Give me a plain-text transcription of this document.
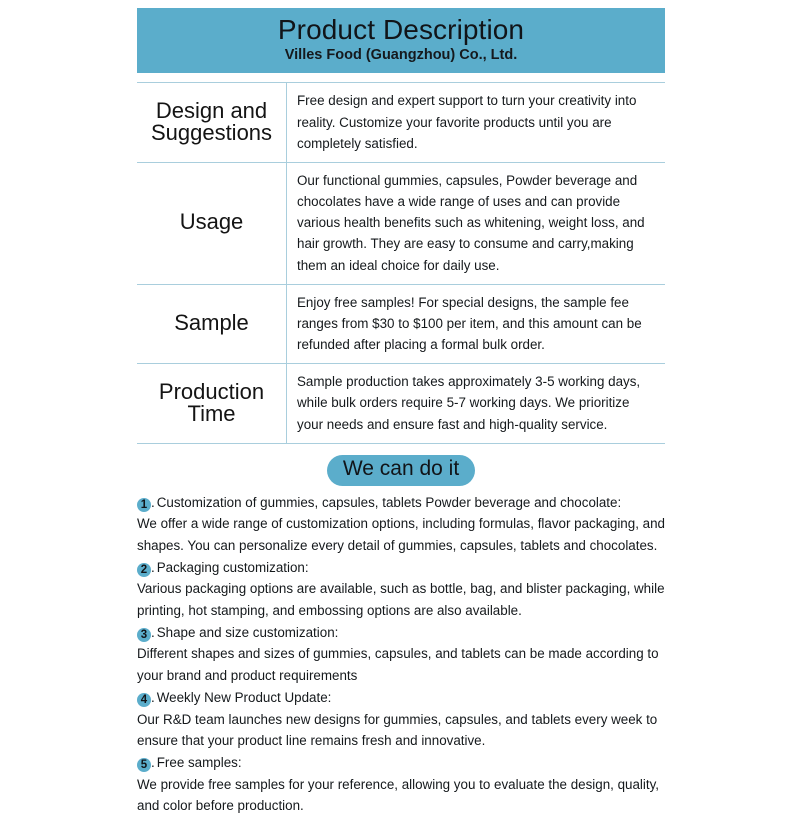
Product Description
Villes Food (Guangzhou) Co., Ltd.
Design and Suggestions	Free design and expert support to turn your creativity into reality. Customize your favorite products until you are completely satisfied.
Usage	Our functional gummies, capsules, Powder beverage and chocolates have a wide range of uses and can provide various health benefits such as whitening, weight loss, and hair growth. They are easy to consume and carry,making them an ideal choice for daily use.
Sample	Enjoy free samples! For special designs, the sample fee ranges from $30 to $100 per item, and this amount can be refunded after placing a formal bulk order.
Production Time	Sample production takes approximately 3-5 working days, while bulk orders require 5-7 working days. We prioritize your needs and ensure fast and high-quality service.
We can do it
1 . Customization of gummies, capsules, tablets Powder beverage and chocolate:
We offer a wide range of customization options, including formulas, flavor packaging, and shapes. You can personalize every detail of gummies, capsules, tablets and chocolates.
2 . Packaging customization:
Various packaging options are available, such as bottle, bag, and blister packaging, while printing, hot stamping, and embossing options are also available.
3 . Shape and size customization:
Different shapes and sizes of gummies, capsules, and tablets can be made according to your brand and product requirements
4 . Weekly New Product Update:
Our R&D team launches new designs for gummies, capsules, and tablets every week to ensure that your product line remains fresh and innovative.
5 . Free samples:
We provide free samples for your reference, allowing you to evaluate the design, quality, and color before production.
